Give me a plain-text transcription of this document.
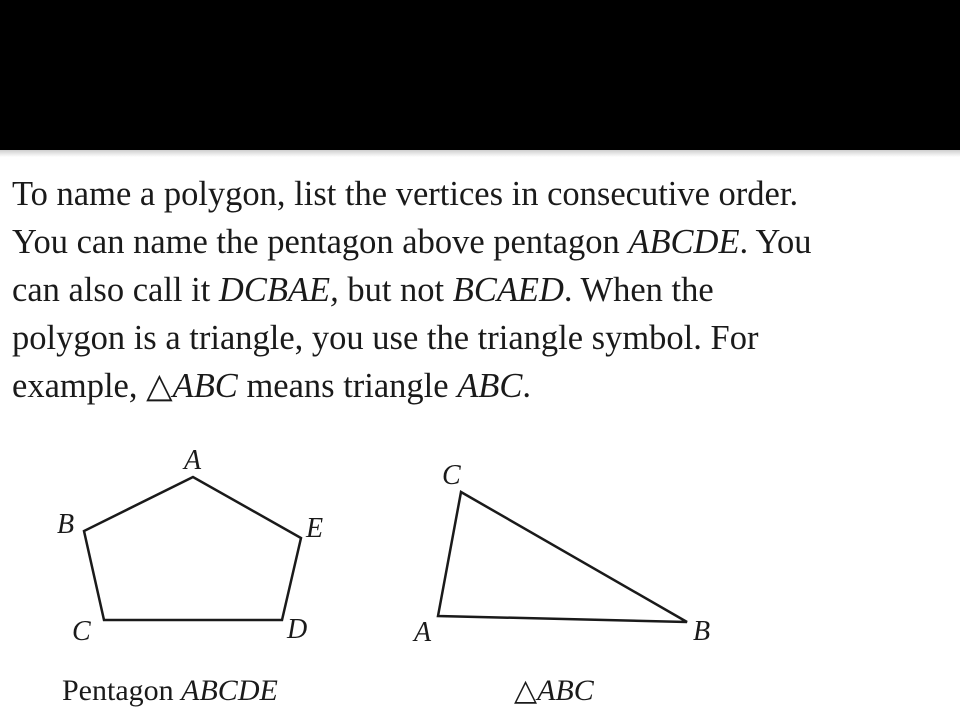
To name a polygon, list the vertices in consecutive order.
You can name the pentagon above pentagon ABCDE. You
can also call it DCBAE, but not BCAED. When the
polygon is a triangle, you use the triangle symbol. For
example, △ABC means triangle ABC.

A
B
C	D
E
Pentagon ABCDE
C
A	B
△ABC
